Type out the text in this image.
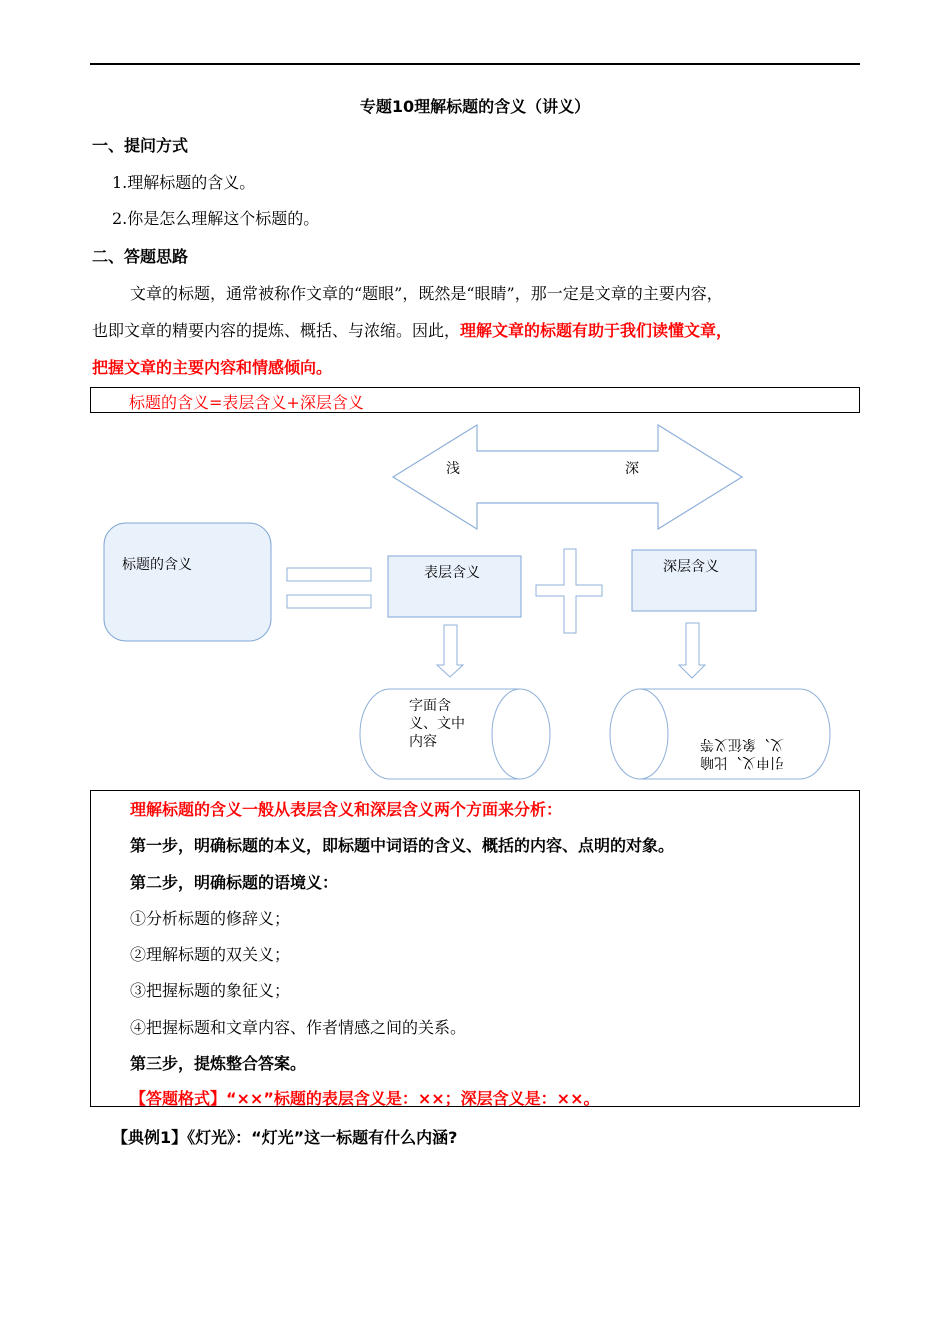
专题10理解标题的含义（讲义）
一、提问方式
1.理解标题的含义。
2.你是怎么理解这个标题的。
二、答题思路
文章的标题，通常被称作文章的“题眼”，既然是“眼睛”，那一定是文章的主要内容，
也即文章的精要内容的提炼、概括、与浓缩。因此，理解文章的标题有助于我们读懂文章，
把握文章的主要内容和情感倾向。
标题的含义=表层含义+深层含义
浅	深
标题的含义	表层含义	深层含义
字面含
义、文中
内容
引申义、比喻
义、象征义等
理解标题的含义一般从表层含义和深层含义两个方面来分析：
第一步，明确标题的本义，即标题中词语的含义、概括的内容、点明的对象。
第二步，明确标题的语境义：
①分析标题的修辞义；
②理解标题的双关义；
③把握标题的象征义；
④把握标题和文章内容、作者情感之间的关系。
第三步，提炼整合答案。
【答题格式】“××”标题的表层含义是：××；深层含义是：××。
【典例1】《灯光》：“灯光”这一标题有什么内涵?
